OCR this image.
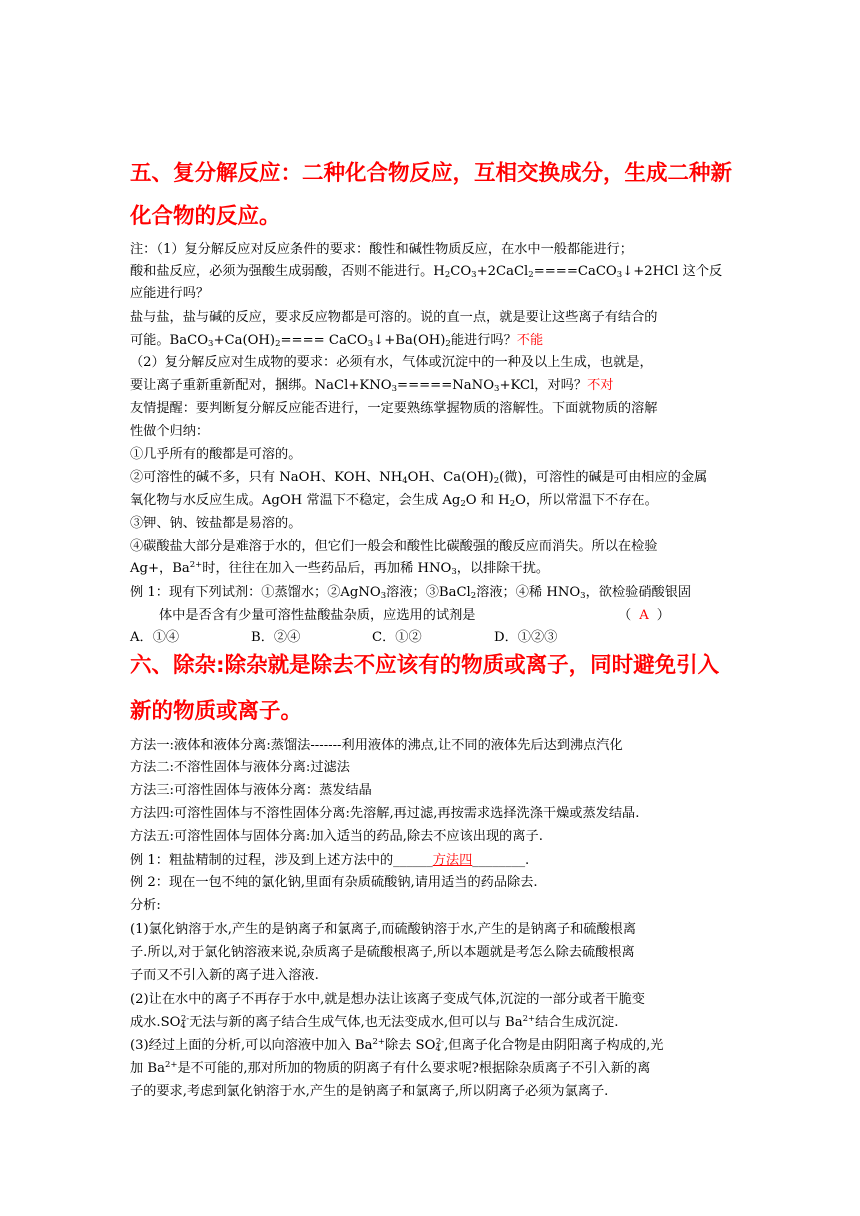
五、复分解反应：二种化合物反应，互相交换成分，生成二种新
化合物的反应。
注：（1）复分解反应对反应条件的要求：酸性和碱性物质反应，在水中一般都能进行；
酸和盐反应，必须为强酸生成弱酸，否则不能进行。$H_2CO_3+2CaCl_2====CaCO_3↓+2HCl$ 这个反
应能进行吗？
盐与盐，盐与碱的反应，要求反应物都是可溶的。说的直一点，就是要让这些离子有结合的
可能。$BaCO_3+Ca(OH)_2====$ $CaCO_3↓+Ba(OH)_2$能进行吗？不能
（2）复分解反应对生成物的要求：必须有水，气体或沉淀中的一种及以上生成，也就是，
要让离子重新重新配对，捆绑。$NaCl+KNO_3=====NaNO_3+KCl$，对吗？不对
友情提醒：要判断复分解反应能否进行，一定要熟练掌握物质的溶解性。下面就物质的溶解
性做个归纳：
①几乎所有的酸都是可溶的。
②可溶性的碱不多，只有 NaOH、KOH、$NH_4OH$、$Ca(OH)_2$(微)，可溶性的碱是可由相应的金属
氧化物与水反应生成。AgOH 常温下不稳定，会生成 $Ag_2O$ 和 $H_2O$，所以常温下不存在。
③钾、钠、铵盐都是易溶的。
④碳酸盐大部分是难溶于水的，但它们一般会和酸性比碳酸强的酸反应而消失。所以在检验
Ag+，$Ba^{2+}$时，往往在加入一些药品后，再加稀 $HNO_3$，以排除干扰。
例 1：现有下列试剂：①蒸馏水；②AgNO$_3$溶液；③BaCl$_2$溶液；④稀 $HNO_3$，欲检验硝酸银固
体中是否含有少量可溶性盐酸盐杂质，应选用的试剂是	（ A ）
A．①④	B．②④	C．①②	D．①②③
六、除杂:除杂就是除去不应该有的物质或离子，同时避免引入
新的物质或离子。
方法一:液体和液体分离:蒸馏法-------利用液体的沸点,让不同的液体先后达到沸点汽化
方法二:不溶性固体与液体分离:过滤法
方法三:可溶性固体与液体分离：蒸发结晶
方法四:可溶性固体与不溶性固体分离:先溶解,再过滤,再按需求选择洗涤干燥或蒸发结晶.
方法五:可溶性固体与固体分离:加入适当的药品,除去不应该出现的离子.
例 1：粗盐精制的过程，涉及到上述方法中的______方法四________.
例 2：现在一包不纯的氯化钠,里面有杂质硫酸钠,请用适当的药品除去.
分析:
(1)氯化钠溶于水,产生的是钠离子和氯离子,而硫酸钠溶于水,产生的是钠离子和硫酸根离
子.所以,对于氯化钠溶液来说,杂质离子是硫酸根离子,所以本题就是考怎么除去硫酸根离
子而又不引入新的离子进入溶液.
(2)让在水中的离子不再存于水中,就是想办法让该离子变成气体,沉淀的一部分或者干脆变
成水$.SO_4^{2-}$无法与新的离子结合生成气体,也无法变成水,但可以与 $Ba^{2+}$结合生成沉淀.
(3)经过上面的分析,可以向溶液中加入 $Ba^{2+}$除去 $SO_4^{2-}$,但离子化合物是由阴阳离子构成的,光
加 $Ba^{2+}$是不可能的,那对所加的物质的阴离子有什么要求呢?根据除杂质离子不引入新的离
子的要求,考虑到氯化钠溶于水,产生的是钠离子和氯离子,所以阴离子必须为氯离子.
